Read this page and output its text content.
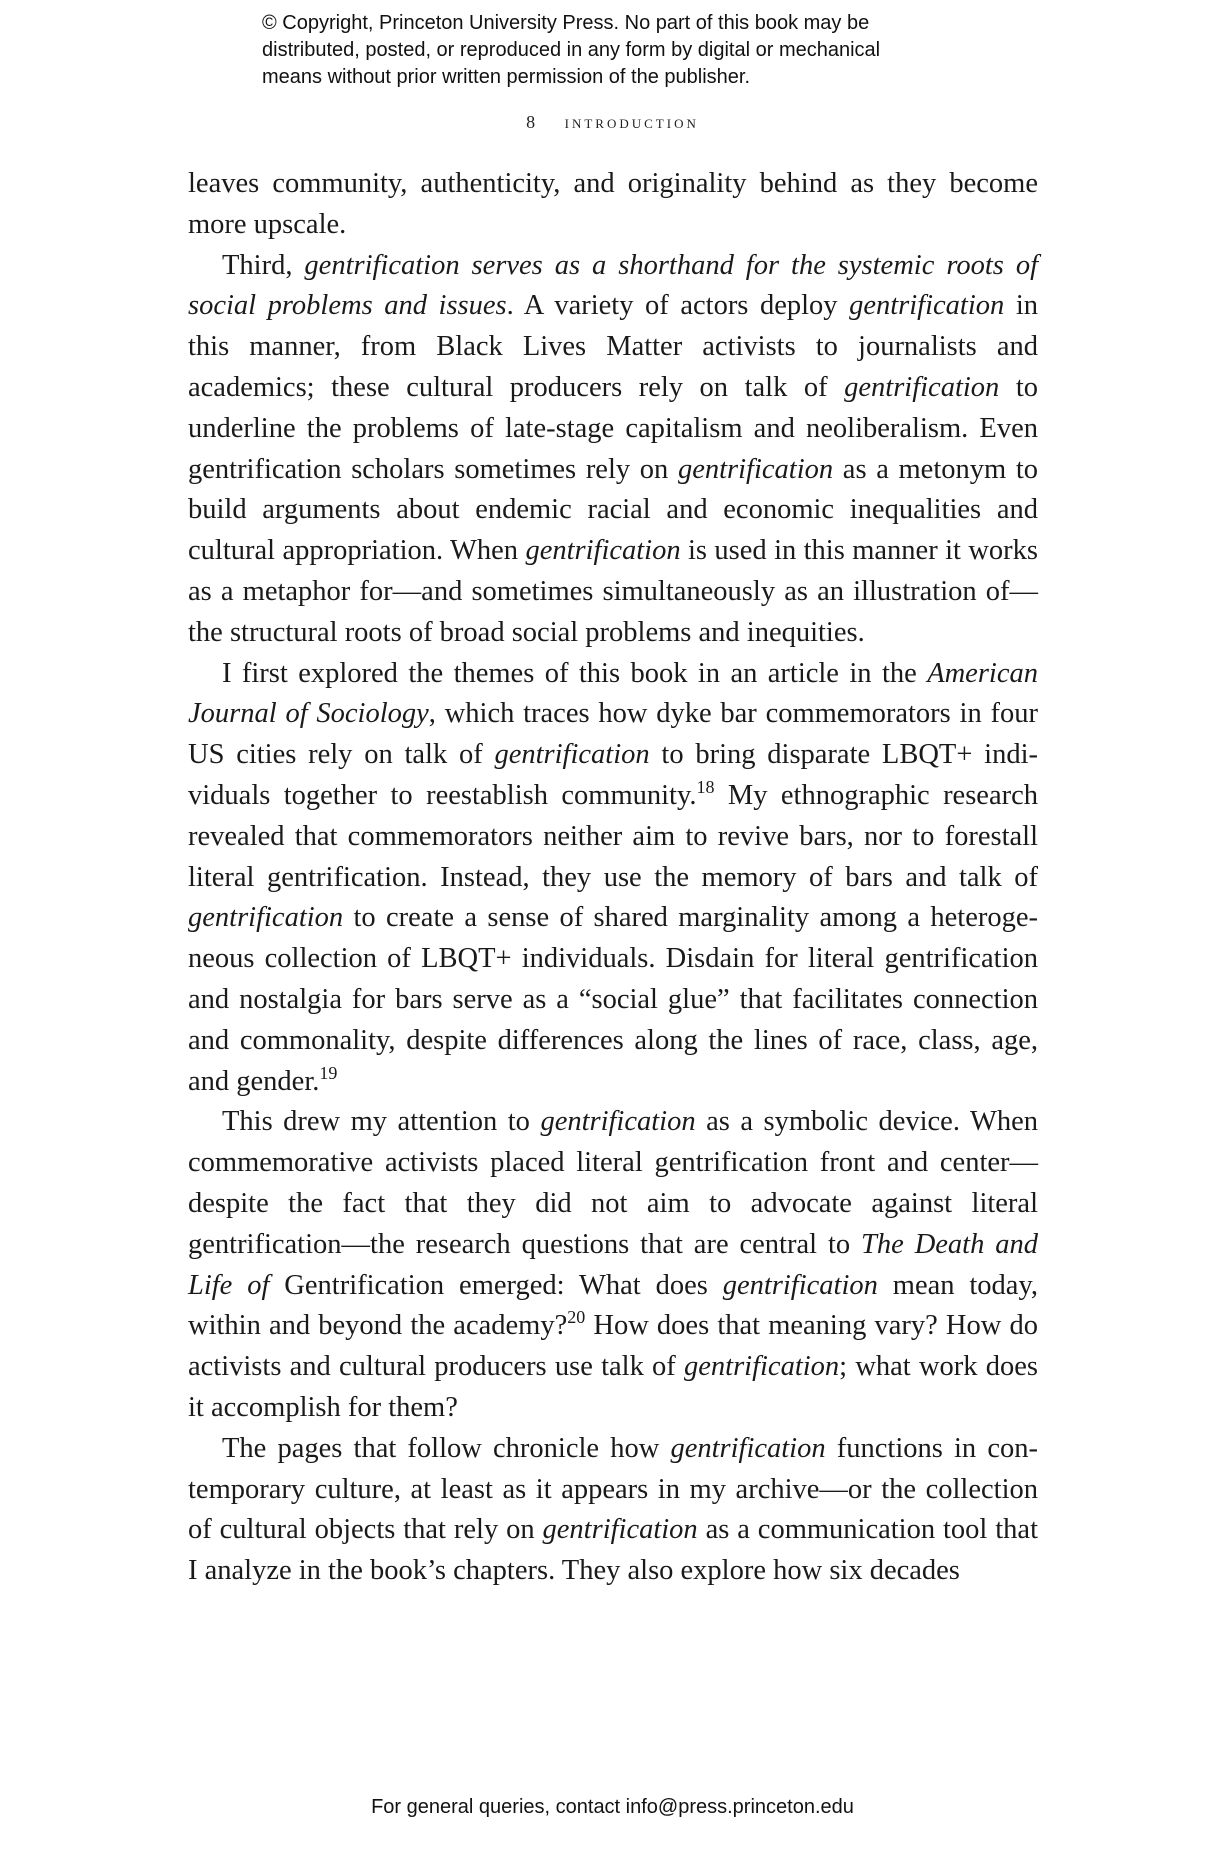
© Copyright, Princeton University Press. No part of this book may be
distributed, posted, or reproduced in any form by digital or mechanical
means without prior written permission of the publisher.
8 introduction

leaves community, authenticity, and originality behind as they become more upscale.

Third, gentrification serves as a shorthand for the systemic roots of social problems and issues. A variety of actors deploy gentrification in this manner, from Black Lives Matter activists to journalists and academics; these cultural producers rely on talk of gentrification to underline the problems of late-stage capitalism and neoliberalism. Even gentrification scholars sometimes rely on gentrification as a metonym to build arguments about endemic racial and economic inequalities and cultural appropriation. When gentrification is used in this manner it works as a metaphor for—and sometimes simultaneously as an illustration of— the structural roots of broad social problems and inequities.

I first explored the themes of this book in an article in the American Journal of Sociology, which traces how dyke bar commemorators in four US cities rely on talk of gentrification to bring disparate LBQT+ individuals together to reestablish community.$^{18}$ My ethnographic research revealed that commemorators neither aim to revive bars, nor to forestall literal gentrification. Instead, they use the memory of bars and talk of gentrification to create a sense of shared marginality among a heterogeneous collection of LBQT+ individuals. Disdain for literal gentrification and nostalgia for bars serve as a “social glue” that facilitates connection and commonality, despite differences along the lines of race, class, age, and gender.$^{19}$

This drew my attention to gentrification as a symbolic device. When commemorative activists placed literal gentrification front and center— despite the fact that they did not aim to advocate against literal gentrification—the research questions that are central to The Death and Life of Gentrification emerged: What does gentrification mean today, within and beyond the academy?$^{20}$ How does that meaning vary? How do activists and cultural producers use talk of gentrification; what work does it accomplish for them?

The pages that follow chronicle how gentrification functions in contemporary culture, at least as it appears in my archive—or the collection of cultural objects that rely on gentrification as a communication tool that I analyze in the book’s chapters. They also explore how six decades

For general queries, contact info@press.princeton.edu
